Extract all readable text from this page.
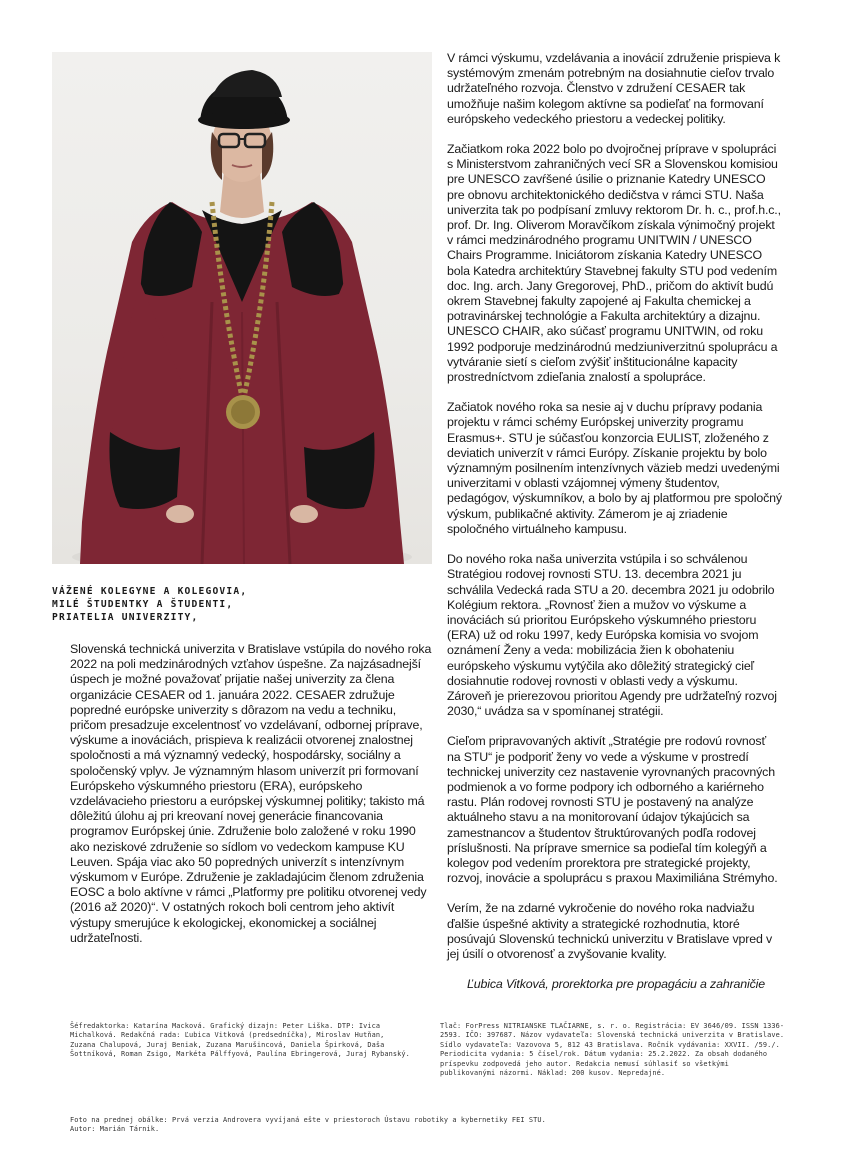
VÁŽENÉ KOLEGYNE A KOLEGOVIA,
MILÉ ŠTUDENTKY A ŠTUDENTI,
PRIATELIA UNIVERZITY,

Slovenská technická univerzita v Bratislave vstúpila do nového roka 2022 na poli medzinárodných vzťahov úspešne. Za najzásadnejší úspech je možné považovať prijatie našej univerzity za člena organizácie CESAER od 1. januára 2022. CESAER združuje popredné európske univerzity s dôrazom na vedu a techniku, pričom presadzuje excelentnosť vo vzdelávaní, odbornej príprave, výskume a inováciách, prispieva k realizácii otvorenej znalostnej spoločnosti a má významný vedecký, hospodársky, sociálny a spoločenský vplyv. Je významným hlasom univerzít pri formovaní Európskeho výskumného priestoru (ERA), európskeho vzdelávacieho priestoru a európskej výskumnej politiky; takisto má dôležitú úlohu aj pri kreovaní novej generácie financovania programov Európskej únie. Združenie bolo založené v roku 1990 ako neziskové združenie so sídlom vo vedeckom kampuse KU Leuven. Spája viac ako 50 popredných univerzít s intenzívnym výskumom v Európe. Združenie je zakladajúcim členom združenia EOSC a bolo aktívne v rámci „Platformy pre politiku otvorenej vedy (2016 až 2020)“. V ostatných rokoch boli centrom jeho aktivít výstupy smerujúce k ekologickej, ekonomickej a sociálnej udržateľnosti.

V rámci výskumu, vzdelávania a inovácií združenie prispieva k systémovým zmenám potrebným na dosiahnutie cieľov trvalo udržateľného rozvoja. Členstvo v združení CESAER tak umožňuje našim kolegom aktívne sa podieľať na formovaní európskeho vedeckého priestoru a vedeckej politiky.

Začiatkom roka 2022 bolo po dvojročnej príprave v spolupráci s Ministerstvom zahraničných vecí SR a Slovenskou komisiou pre UNESCO zavŕšené úsilie o priznanie Katedry UNESCO pre obnovu architektonického dedičstva v rámci STU. Naša univerzita tak po podpísaní zmluvy rektorom Dr. h. c., prof.h.c., prof. Dr. Ing. Oliverom Moravčíkom získala výnimočný projekt v rámci medzinárodného programu UNITWIN / UNESCO Chairs Programme. Iniciátorom získania Katedry UNESCO bola Katedra architektúry Stavebnej fakulty STU pod vedením doc. Ing. arch. Jany Gregorovej, PhD., pričom do aktivít budú okrem Stavebnej fakulty zapojené aj Fakulta chemickej a potravinárskej technológie a Fakulta architektúry a dizajnu. UNESCO CHAIR, ako súčasť programu UNITWIN, od roku 1992 podporuje medzinárodnú medziuniverzitnú spoluprácu a vytváranie sietí s cieľom zvýšiť inštitucionálne kapacity prostredníctvom zdieľania znalostí a spolupráce.

Začiatok nového roka sa nesie aj v duchu prípravy podania projektu v rámci schémy Európskej univerzity programu Erasmus+. STU je súčasťou konzorcia EULIST, zloženého z deviatich univerzít v rámci Európy. Získanie projektu by bolo významným posilnením intenzívnych väzieb medzi uvedenými univerzitami v oblasti vzájomnej výmeny študentov, pedagógov, výskumníkov, a bolo by aj platformou pre spoločný výskum, publikačné aktivity. Zámerom je aj zriadenie spoločného virtuálneho kampusu.

Do nového roka naša univerzita vstúpila i so schválenou Stratégiou rodovej rovnosti STU. 13. decembra 2021 ju schválila Vedecká rada STU a 20. decembra 2021 ju odobrilo Kolégium rektora. „Rovnosť žien a mužov vo výskume a inováciách sú prioritou Európskeho výskumného priestoru (ERA) už od roku 1997, kedy Európska komisia vo svojom oznámení Ženy a veda: mobilizácia žien k obohateniu európskeho výskumu vytýčila ako dôležitý strategický cieľ dosiahnutie rodovej rovnosti v oblasti vedy a výskumu. Zároveň je prierezovou prioritou Agendy pre udržateľný rozvoj 2030,“ uvádza sa v spomínanej stratégii.

Cieľom pripravovaných aktivít „Stratégie pre rodovú rovnosť na STU“ je podporiť ženy vo vede a výskume v prostredí technickej univerzity cez nastavenie vyrovnaných pracovných podmienok a vo forme podpory ich odborného a kariérneho rastu. Plán rodovej rovnosti STU je postavený na analýze aktuálneho stavu a na monitorovaní údajov týkajúcich sa zamestnancov a študentov štruktúrovaných podľa rodovej príslušnosti. Na príprave smernice sa podieľal tím kolegýň a kolegov pod vedením prorektora pre strategické projekty, rozvoj, inovácie a spoluprácu s praxou Maximiliána Strémyho.

Verím, že na zdarné vykročenie do nového roka nadviažu ďalšie úspešné aktivity a strategické rozhodnutia, ktoré posúvajú Slovenskú technickú univerzitu v Bratislave vpred v jej úsilí o otvorenosť a zvyšovanie kvality.

Ľubica Vitková, prorektorka pre propagáciu a zahraničie

Šéfredaktorka: Katarína Macková. Grafický dizajn: Peter Liška. DTP: Ivica Michalková. Redakčná rada: Ľubica Vitková (predsedníčka), Miroslav Hutňan, Zuzana Chalupová, Juraj Beniak, Zuzana Marušincová, Daniela Špirková, Daša Šottníková, Roman Zsigo, Markéta Pálffyová, Paulína Ebringerová, Juraj Rybanský.

Tlač: ForPress NITRIANSKE TLAČIARNE, s. r. o. Registrácia: EV 3646/09. ISSN 1336-2593. IČO: 397687. Názov vydavateľa: Slovenská technická univerzita v Bratislave. Sídlo vydavateľa: Vazovova 5, 812 43 Bratislava. Ročník vydávania: XXVII. /59./. Periodicita vydania: 5 čísel/rok. Dátum vydania: 25.2.2022. Za obsah dodaného príspevku zodpovedá jeho autor. Redakcia nemusí súhlasiť so všetkými publikovanými názormi. Náklad: 200 kusov. Nepredajné.

Foto na prednej obálke: Prvá verzia Androvera vyvíjaná ešte v priestoroch Ústavu robotiky a kybernetiky FEI STU.

Autor: Marián Tárnik.
